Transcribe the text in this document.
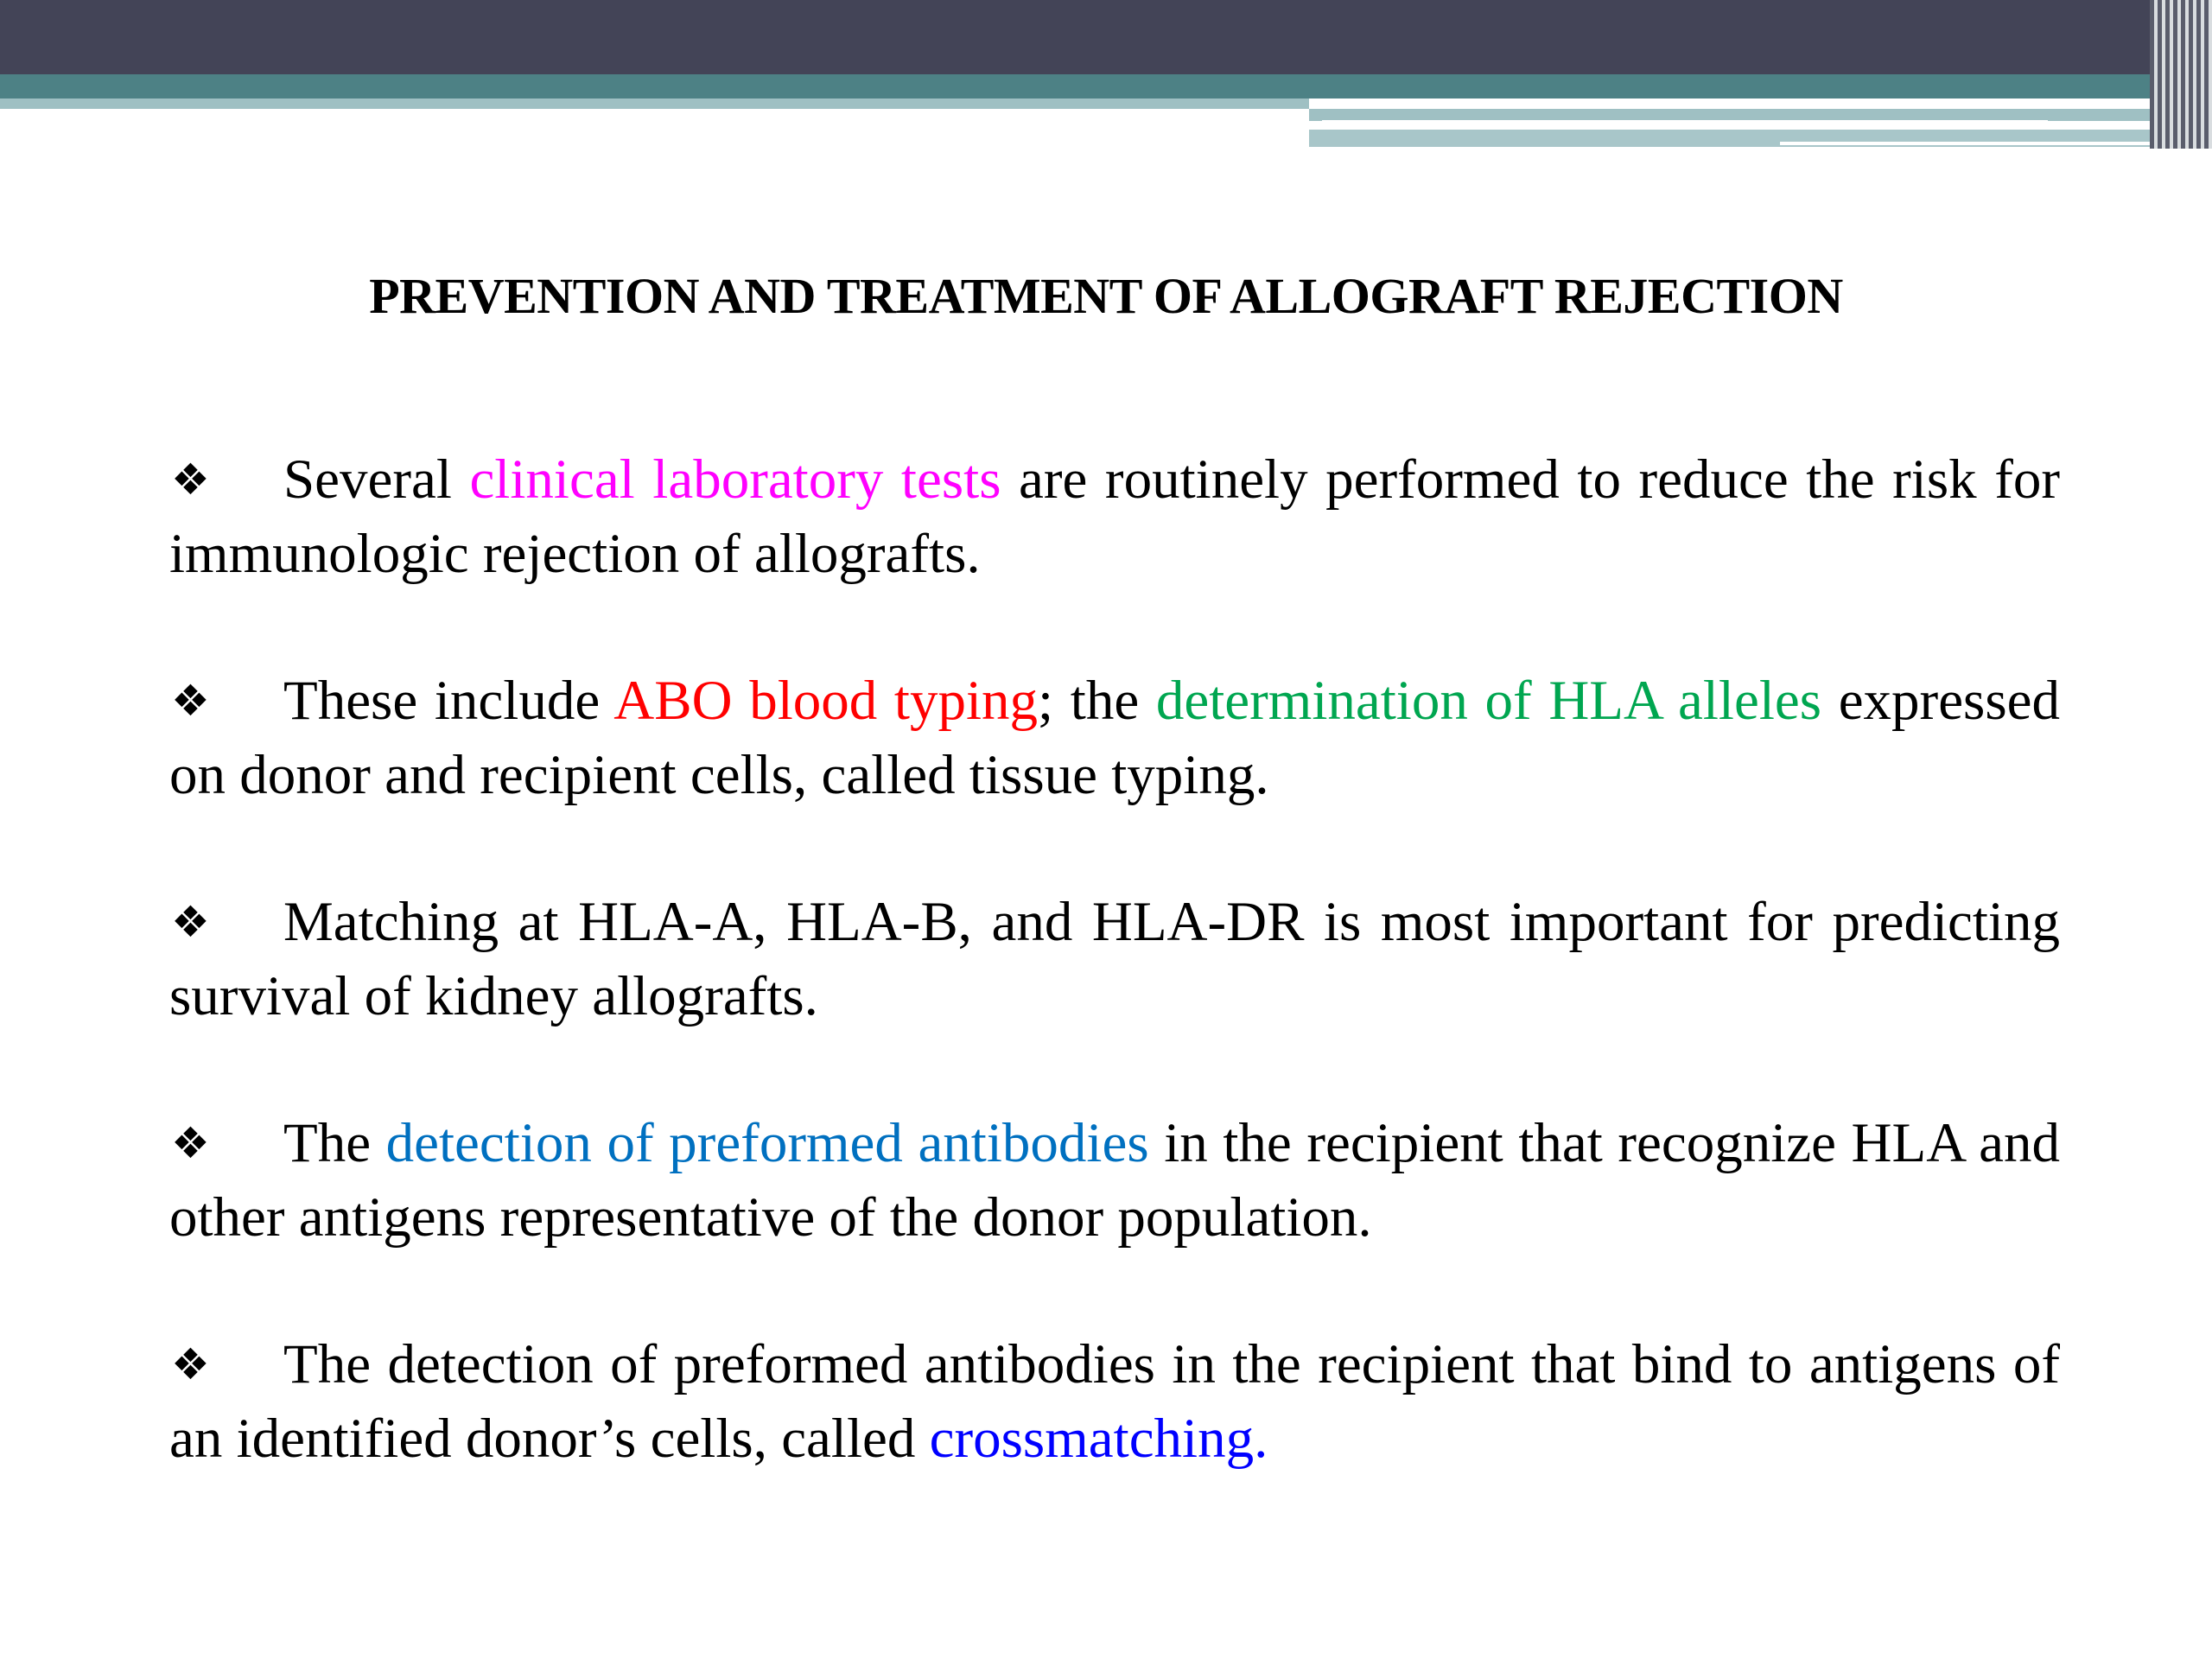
PREVENTION AND TREATMENT OF ALLOGRAFT REJECTION
❖ Several clinical laboratory tests are routinely performed to reduce the risk for immunologic rejection of allografts.
❖ These include ABO blood typing; the determination of HLA alleles expressed on donor and recipient cells, called tissue typing.
❖ Matching at HLA-A, HLA-B, and HLA-DR is most important for predicting survival of kidney allografts.
❖ The detection of preformed antibodies in the recipient that recognize HLA and other antigens representative of the donor population.
❖ The detection of preformed antibodies in the recipient that bind to antigens of an identified donor’s cells, called crossmatching.
